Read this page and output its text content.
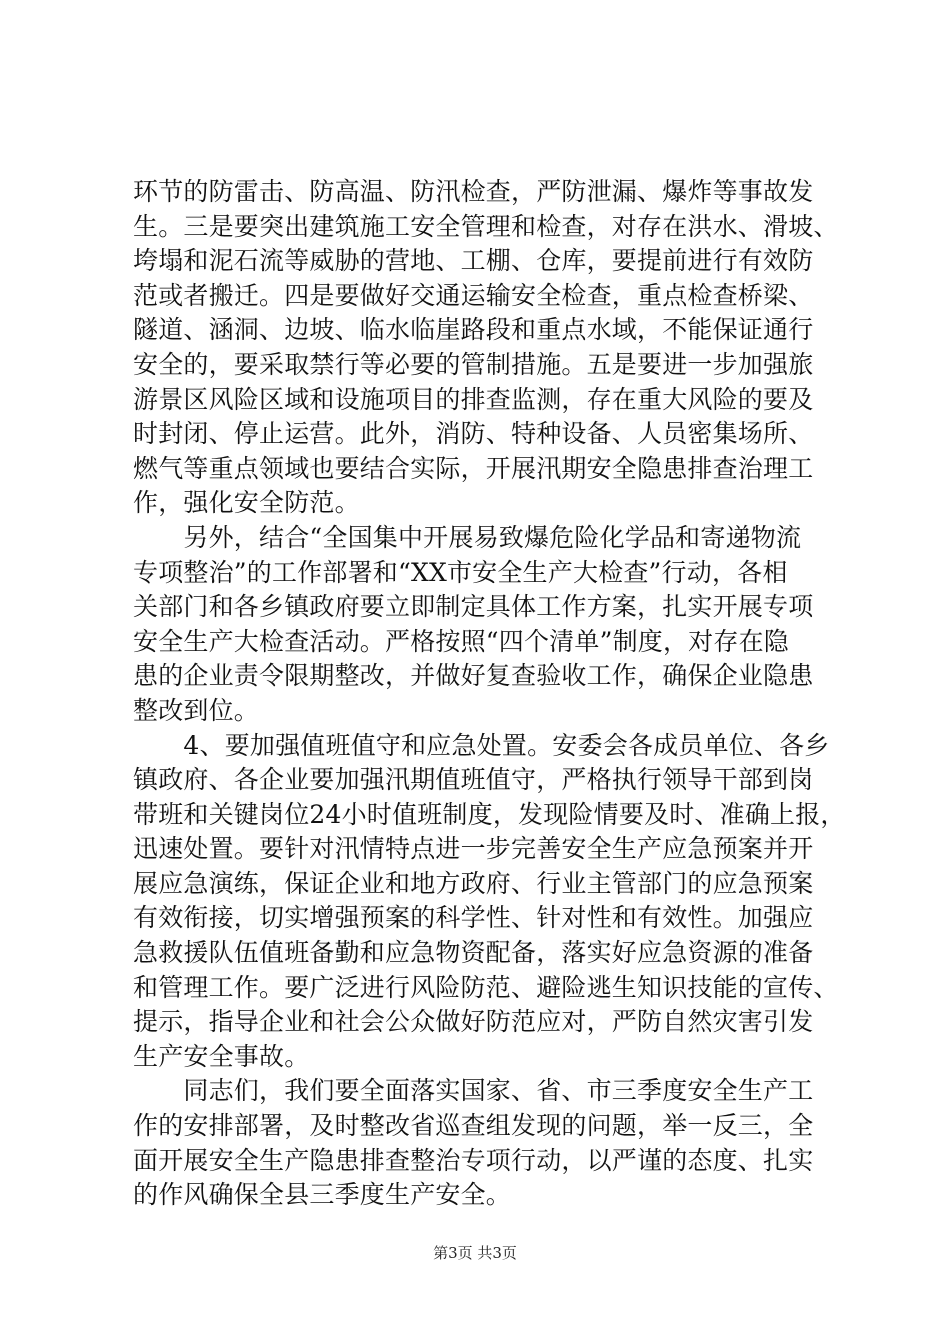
环节的防雷击、防高温、防汛检查，严防泄漏、爆炸等事故发
生。三是要突出建筑施工安全管理和检查，对存在洪水、滑坡、
垮塌和泥石流等威胁的营地、工棚、仓库，要提前进行有效防
范或者搬迁。四是要做好交通运输安全检查，重点检查桥梁、
隧道、涵洞、边坡、临水临崖路段和重点水域，不能保证通行
安全的，要采取禁行等必要的管制措施。五是要进一步加强旅
游景区风险区域和设施项目的排查监测，存在重大风险的要及
时封闭、停止运营。此外，消防、特种设备、人员密集场所、
燃气等重点领域也要结合实际，开展汛期安全隐患排查治理工
作，强化安全防范。
　　另外，结合“全国集中开展易致爆危险化学品和寄递物流
专项整治”的工作部署和“XX市安全生产大检查”行动，各相
关部门和各乡镇政府要立即制定具体工作方案，扎实开展专项
安全生产大检查活动。严格按照“四个清单”制度，对存在隐
患的企业责令限期整改，并做好复查验收工作，确保企业隐患
整改到位。
　　4、要加强值班值守和应急处置。安委会各成员单位、各乡
镇政府、各企业要加强汛期值班值守，严格执行领导干部到岗
带班和关键岗位24小时值班制度，发现险情要及时、准确上报，
迅速处置。要针对汛情特点进一步完善安全生产应急预案并开
展应急演练，保证企业和地方政府、行业主管部门的应急预案
有效衔接，切实增强预案的科学性、针对性和有效性。加强应
急救援队伍值班备勤和应急物资配备，落实好应急资源的准备
和管理工作。要广泛进行风险防范、避险逃生知识技能的宣传、
提示，指导企业和社会公众做好防范应对，严防自然灾害引发
生产安全事故。
　　同志们，我们要全面落实国家、省、市三季度安全生产工
作的安排部署，及时整改省巡查组发现的问题，举一反三，全
面开展安全生产隐患排查整治专项行动，以严谨的态度、扎实
的作风确保全县三季度生产安全。
第3页 共3页
